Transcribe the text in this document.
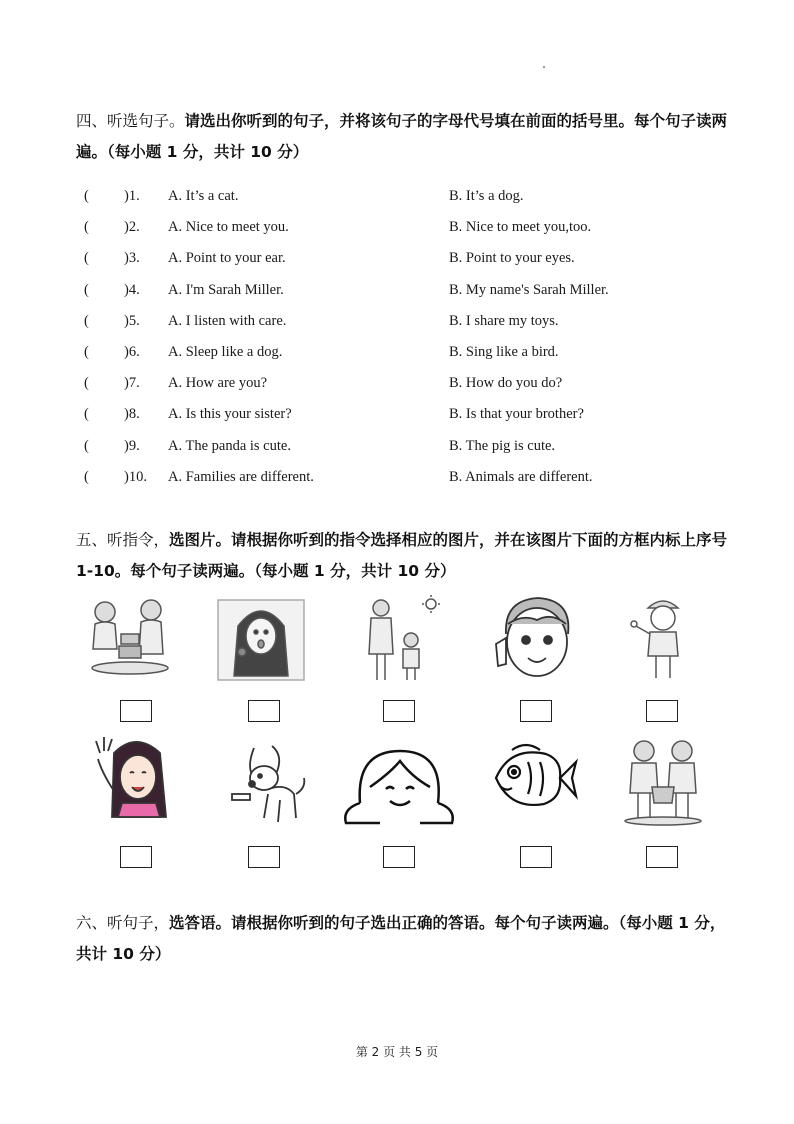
四、听选句子。请选出你听到的句子，并将该句子的字母代号填在前面的括号里。每个句子读两遍。（每小题 1 分，共计 10 分）
( )1. A. It’s a cat.	B. It’s a dog.
( )2. A. Nice to meet you.	B. Nice to meet you,too.
( )3. A. Point to your ear.	B. Point to your eyes.
( )4. A. I'm Sarah Miller.	B. My name's Sarah Miller.
( )5. A. I listen with care.	B. I share my toys.
( )6. A. Sleep like a dog.	B. Sing like a bird.
( )7. A. How are you?	B. How do you do?
( )8. A. Is this your sister?	B. Is that your brother?
( )9. A. The panda is cute.	B. The pig is cute.
( )10. A. Families are different.	B. Animals are different.
五、听指令，选图片。请根据你听到的指令选择相应的图片，并在该图片下面的方框内标上序号 1-10。每个句子读两遍。（每小题 1 分，共计 10 分）
六、听句子，选答语。请根据你听到的句子选出正确的答语。每个句子读两遍。（每小题 1 分，共计 10 分）
第 2 页 共 5 页
